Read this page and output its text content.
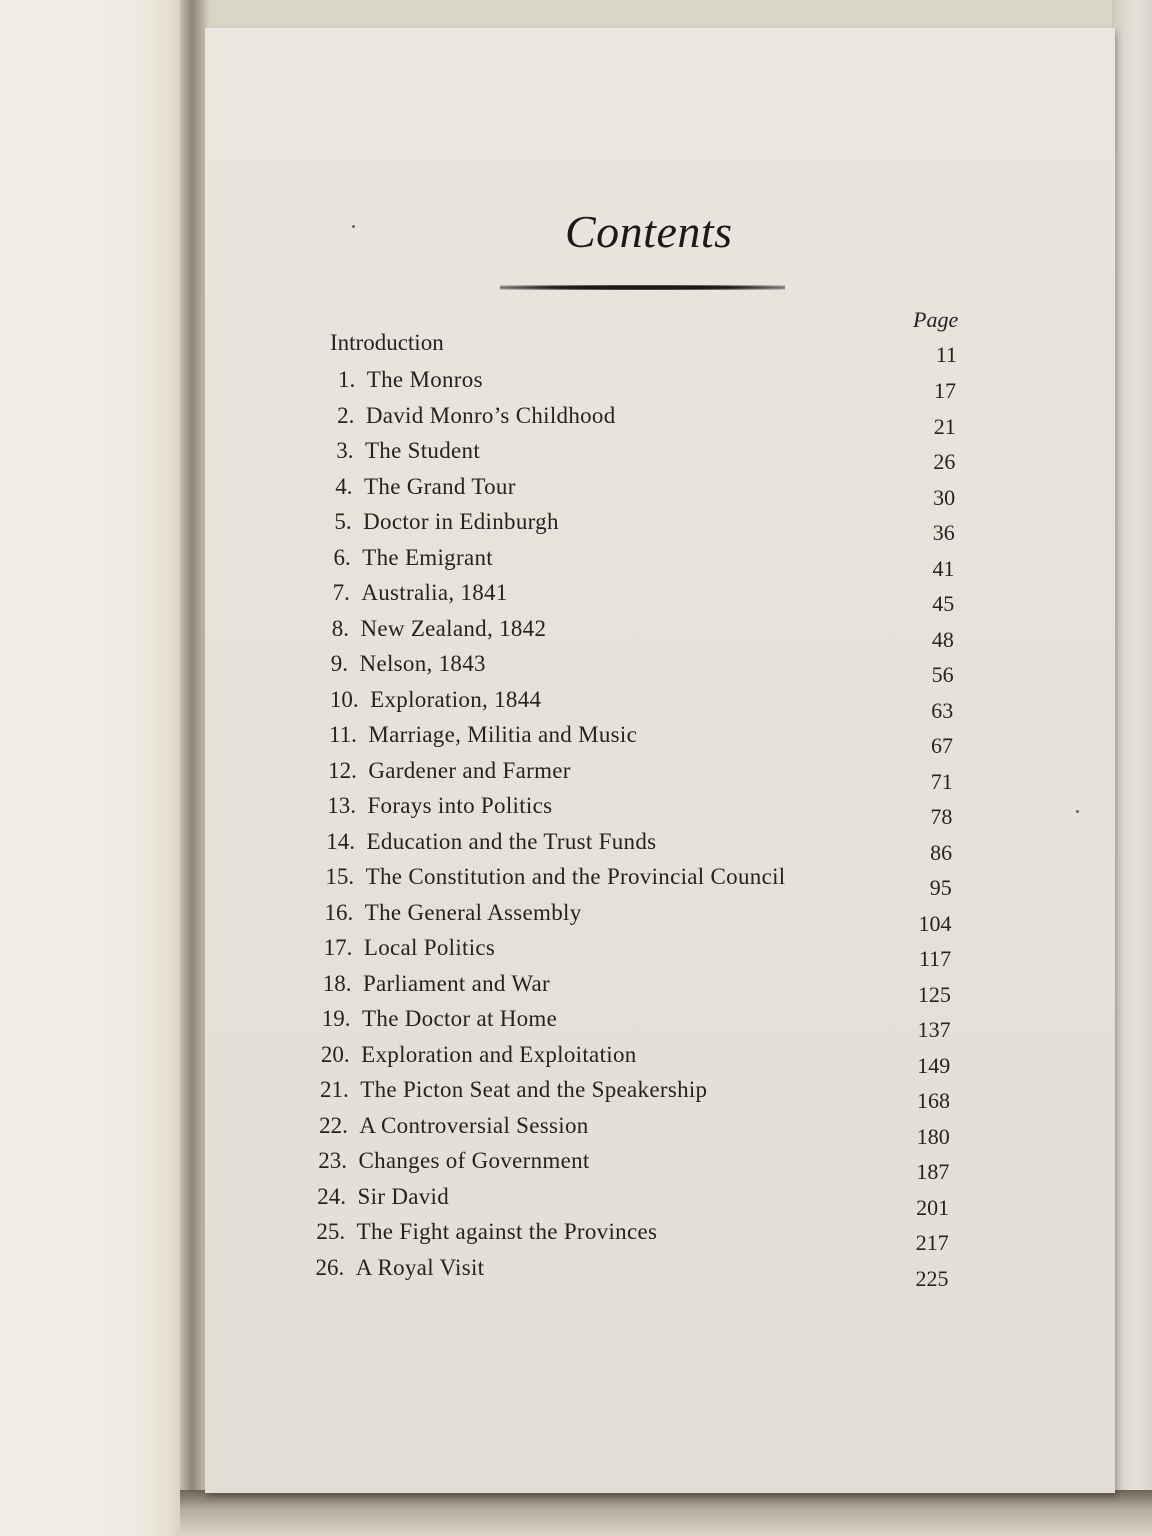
Contents
Page
Introduction	11
1. The Monros	17
2. David Monro’s Childhood	21
3. The Student	26
4. The Grand Tour	30
5. Doctor in Edinburgh	36
6. The Emigrant	41
7. Australia, 1841	45
8. New Zealand, 1842	48
9. Nelson, 1843	56
10. Exploration, 1844	63
11. Marriage, Militia and Music	67
12. Gardener and Farmer	71
13. Forays into Politics	78
14. Education and the Trust Funds	86
15. The Constitution and the Provincial Council	95
16. The General Assembly	104
17. Local Politics	117
18. Parliament and War	125
19. The Doctor at Home	137
20. Exploration and Exploitation	149
21. The Picton Seat and the Speakership	168
22. A Controversial Session	180
23. Changes of Government	187
24. Sir David	201
25. The Fight against the Provinces	217
26. A Royal Visit	225
